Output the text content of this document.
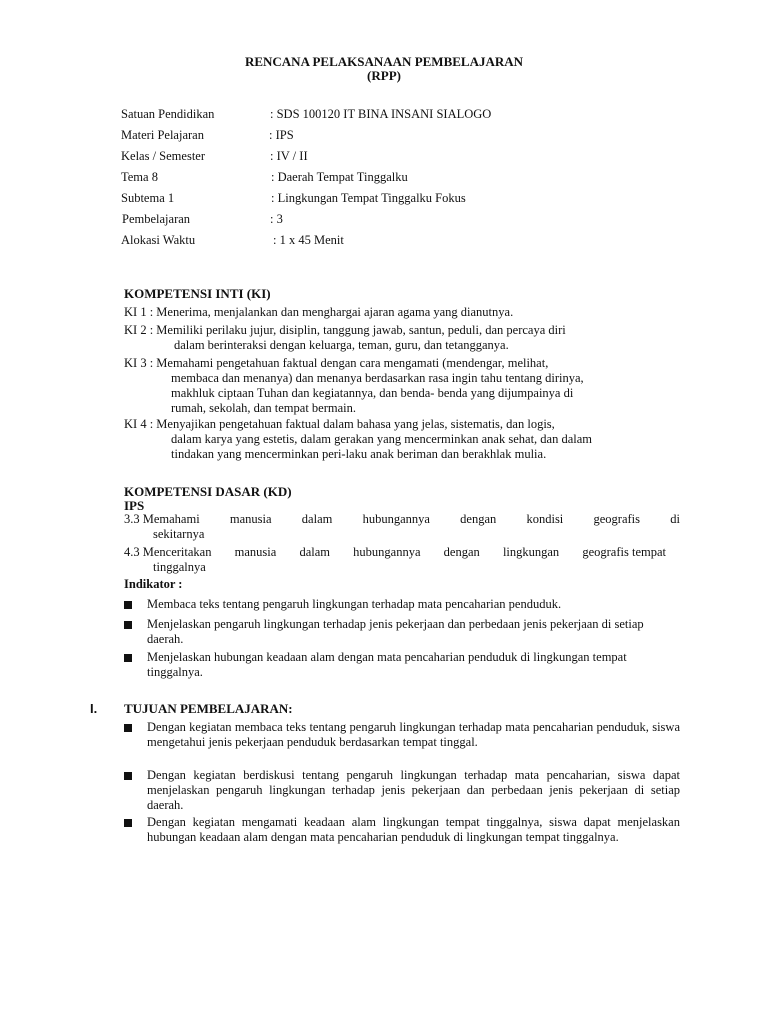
RENCANA PELAKSANAAN PEMBELAJARAN
(RPP)
Satuan Pendidikan	: SDS 100120 IT BINA INSANI SIALOGO
Materi Pelajaran	: IPS
Kelas / Semester	: IV / II
Tema 8	: Daerah Tempat Tinggalku
Subtema 1	: Lingkungan Tempat Tinggalku Fokus
Pembelajaran	: 3
Alokasi Waktu	: 1 x 45 Menit
KOMPETENSI INTI (KI)
KI 1 : Menerima, menjalankan dan menghargai ajaran agama yang dianutnya.
KI 2 : Memiliki perilaku jujur, disiplin, tanggung jawab, santun, peduli, dan percaya diri
dalam berinteraksi dengan keluarga, teman, guru, dan tetangganya.
KI 3 : Memahami pengetahuan faktual dengan cara mengamati (mendengar, melihat,
membaca dan menanya) dan menanya berdasarkan rasa ingin tahu tentang dirinya,
makhluk ciptaan Tuhan dan kegiatannya, dan benda- benda yang dijumpainya di
rumah, sekolah, dan tempat bermain.
KI 4 : Menyajikan pengetahuan faktual dalam bahasa yang jelas, sistematis, dan logis,
dalam karya yang estetis, dalam gerakan yang mencerminkan anak sehat, dan dalam
tindakan yang mencerminkan peri-laku anak beriman dan berakhlak mulia.
KOMPETENSI DASAR (KD)
IPS
3.3 Memahami manusia dalam hubungannya dengan kondisi geografis di
sekitarnya
4.3 Menceritakan manusia dalam hubungannya dengan lingkungan geografis tempat
tinggalnya
Indikator :
Membaca teks tentang pengaruh lingkungan terhadap mata pencaharian penduduk.
Menjelaskan pengaruh lingkungan terhadap jenis pekerjaan dan perbedaan jenis pekerjaan di setiap daerah.
Menjelaskan hubungan keadaan alam dengan mata pencaharian penduduk di lingkungan tempat tinggalnya.
I. TUJUAN PEMBELAJARAN:
Dengan kegiatan membaca teks tentang pengaruh lingkungan terhadap mata pencaharian penduduk, siswa mengetahui jenis pekerjaan penduduk berdasarkan tempat tinggal.
Dengan kegiatan berdiskusi tentang pengaruh lingkungan terhadap mata pencaharian, siswa dapat menjelaskan pengaruh lingkungan terhadap jenis pekerjaan dan perbedaan jenis pekerjaan di setiap daerah.
Dengan kegiatan mengamati keadaan alam lingkungan tempat tinggalnya, siswa dapat menjelaskan hubungan keadaan alam dengan mata pencaharian penduduk di lingkungan tempat tinggalnya.
